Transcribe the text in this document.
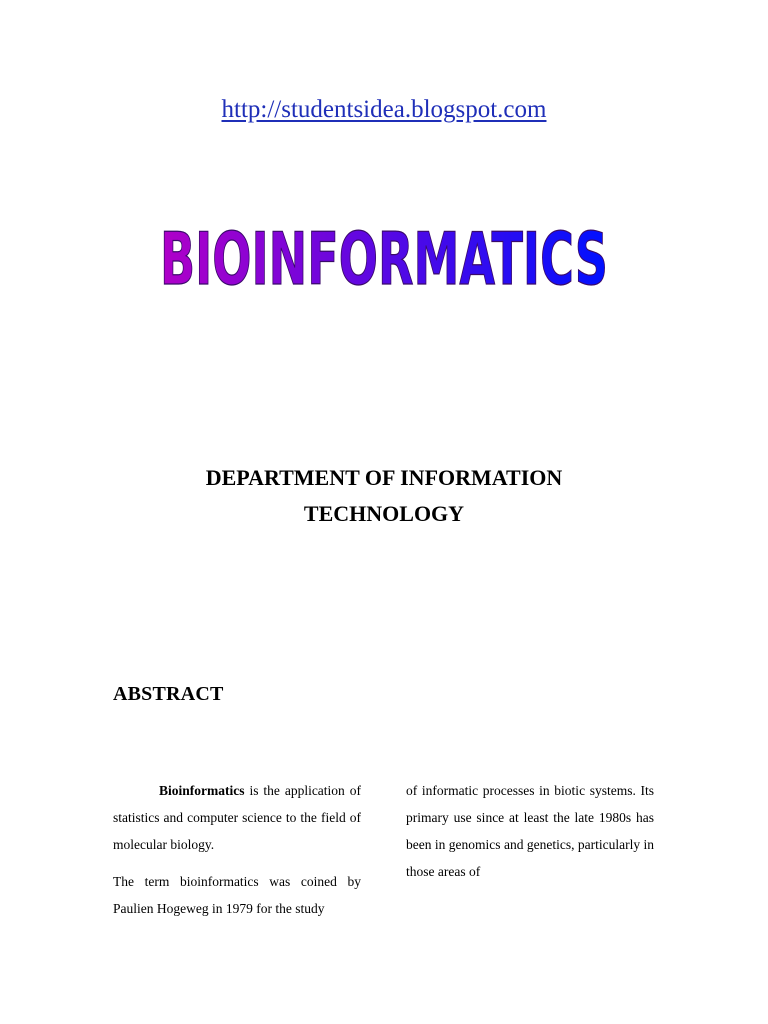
http://studentsidea.blogspot.com
BIOINFORMATICS
DEPARTMENT OF INFORMATION
TECHNOLOGY
ABSTRACT

Bioinformatics is the application of statistics and computer science to the field of molecular biology.

The term bioinformatics was coined by Paulien Hogeweg in 1979 for the study

of informatic processes in biotic systems. Its primary use since at least the late 1980s has been in genomics and genetics, particularly in those areas of
